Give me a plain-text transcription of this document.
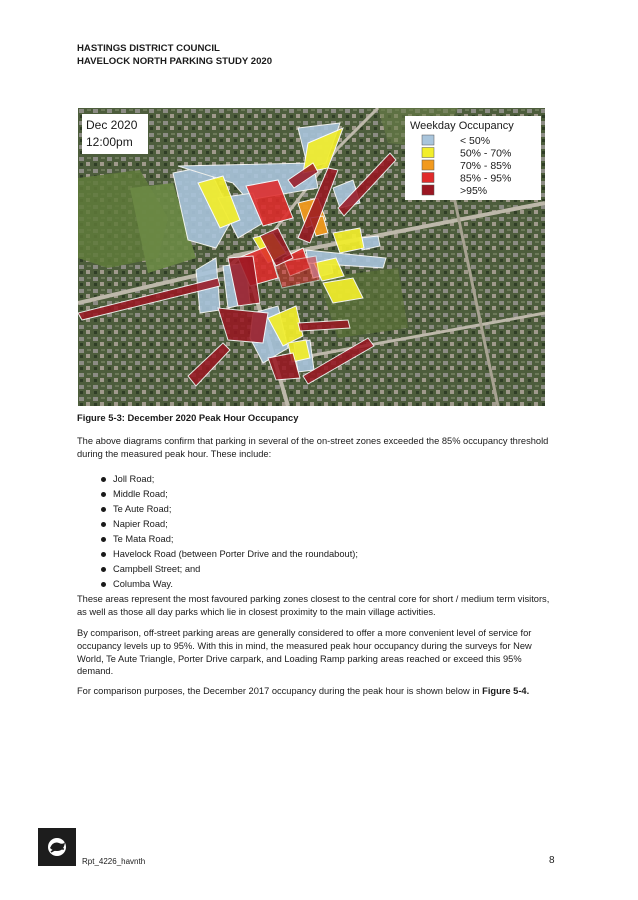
HASTINGS DISTRICT COUNCIL
HAVELOCK NORTH PARKING STUDY 2020
Dec 2020
12:00pm
Weekday Occupancy
< 50%
50% - 70%
70% - 85%
85% - 95%
>95%
Figure 5-3: December 2020 Peak Hour Occupancy
The above diagrams confirm that parking in several of the on-street zones exceeded the 85% occupancy threshold during the measured peak hour. These include:
Joll Road;
Middle Road;
Te Aute Road;
Napier Road;
Te Mata Road;
Havelock Road (between Porter Drive and the roundabout);
Campbell Street; and
Columba Way.
These areas represent the most favoured parking zones closest to the central core for short / medium term visitors, as well as those all day parks which lie in closest proximity to the main village activities.
By comparison, off-street parking areas are generally considered to offer a more convenient level of service for occupancy levels up to 95%. With this in mind, the measured peak hour occupancy during the surveys for New World, Te Aute Triangle, Porter Drive carpark, and Loading Ramp parking areas reached or exceed this 95% demand.
For comparison purposes, the December 2017 occupancy during the peak hour is shown below in Figure 5-4.
Rpt_4226_havnth	8
